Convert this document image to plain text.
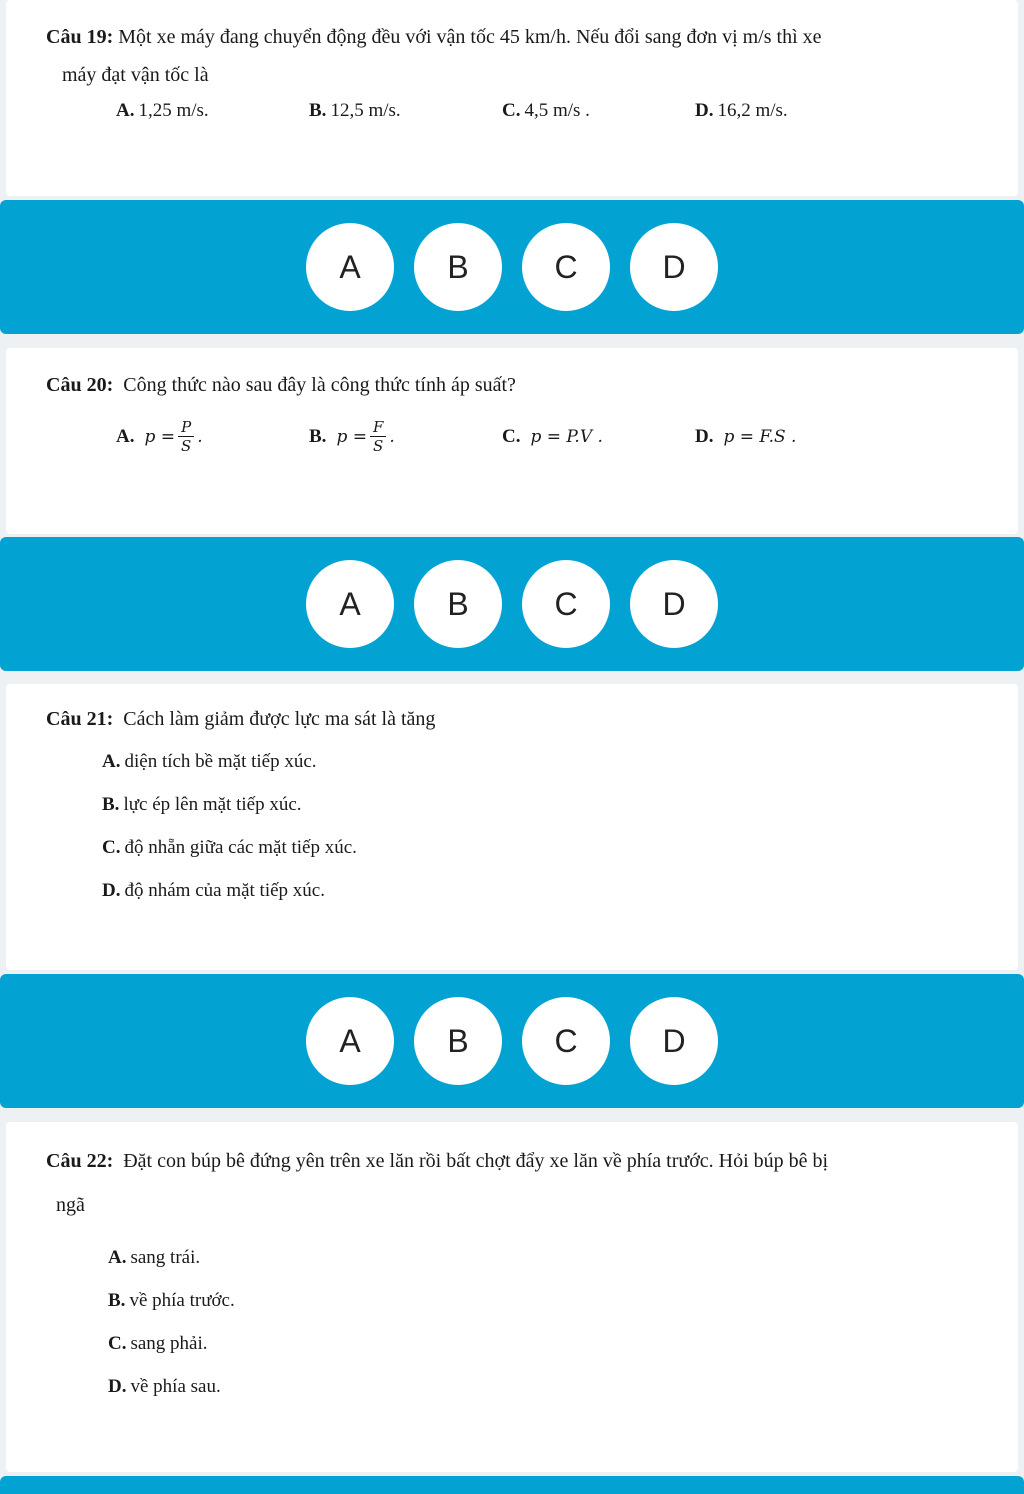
Câu 19: Một xe máy đang chuyển động đều với vận tốc 45 km/h. Nếu đổi sang đơn vị m/s thì xe
máy đạt vận tốc là
A. 1,25 m/s.	B. 12,5 m/s.	C. 4,5 m/s .	D. 16,2 m/s.
A	B	C	D
Câu 20: Công thức nào sau đây là công thức tính áp suất?
A. $p = \frac{P}{S}$ .	B. $p = \frac{F}{S}$ .	C. p = P.V .	D. p = F.S .
A	B	C	D
Câu 21: Cách làm giảm được lực ma sát là tăng
A. diện tích bề mặt tiếp xúc.
B. lực ép lên mặt tiếp xúc.
C. độ nhẵn giữa các mặt tiếp xúc.
D. độ nhám của mặt tiếp xúc.
A	B	C	D
Câu 22: Đặt con búp bê đứng yên trên xe lăn rồi bất chợt đẩy xe lăn về phía trước. Hỏi búp bê bị
ngã
A. sang trái.
B. về phía trước.
C. sang phải.
D. về phía sau.
